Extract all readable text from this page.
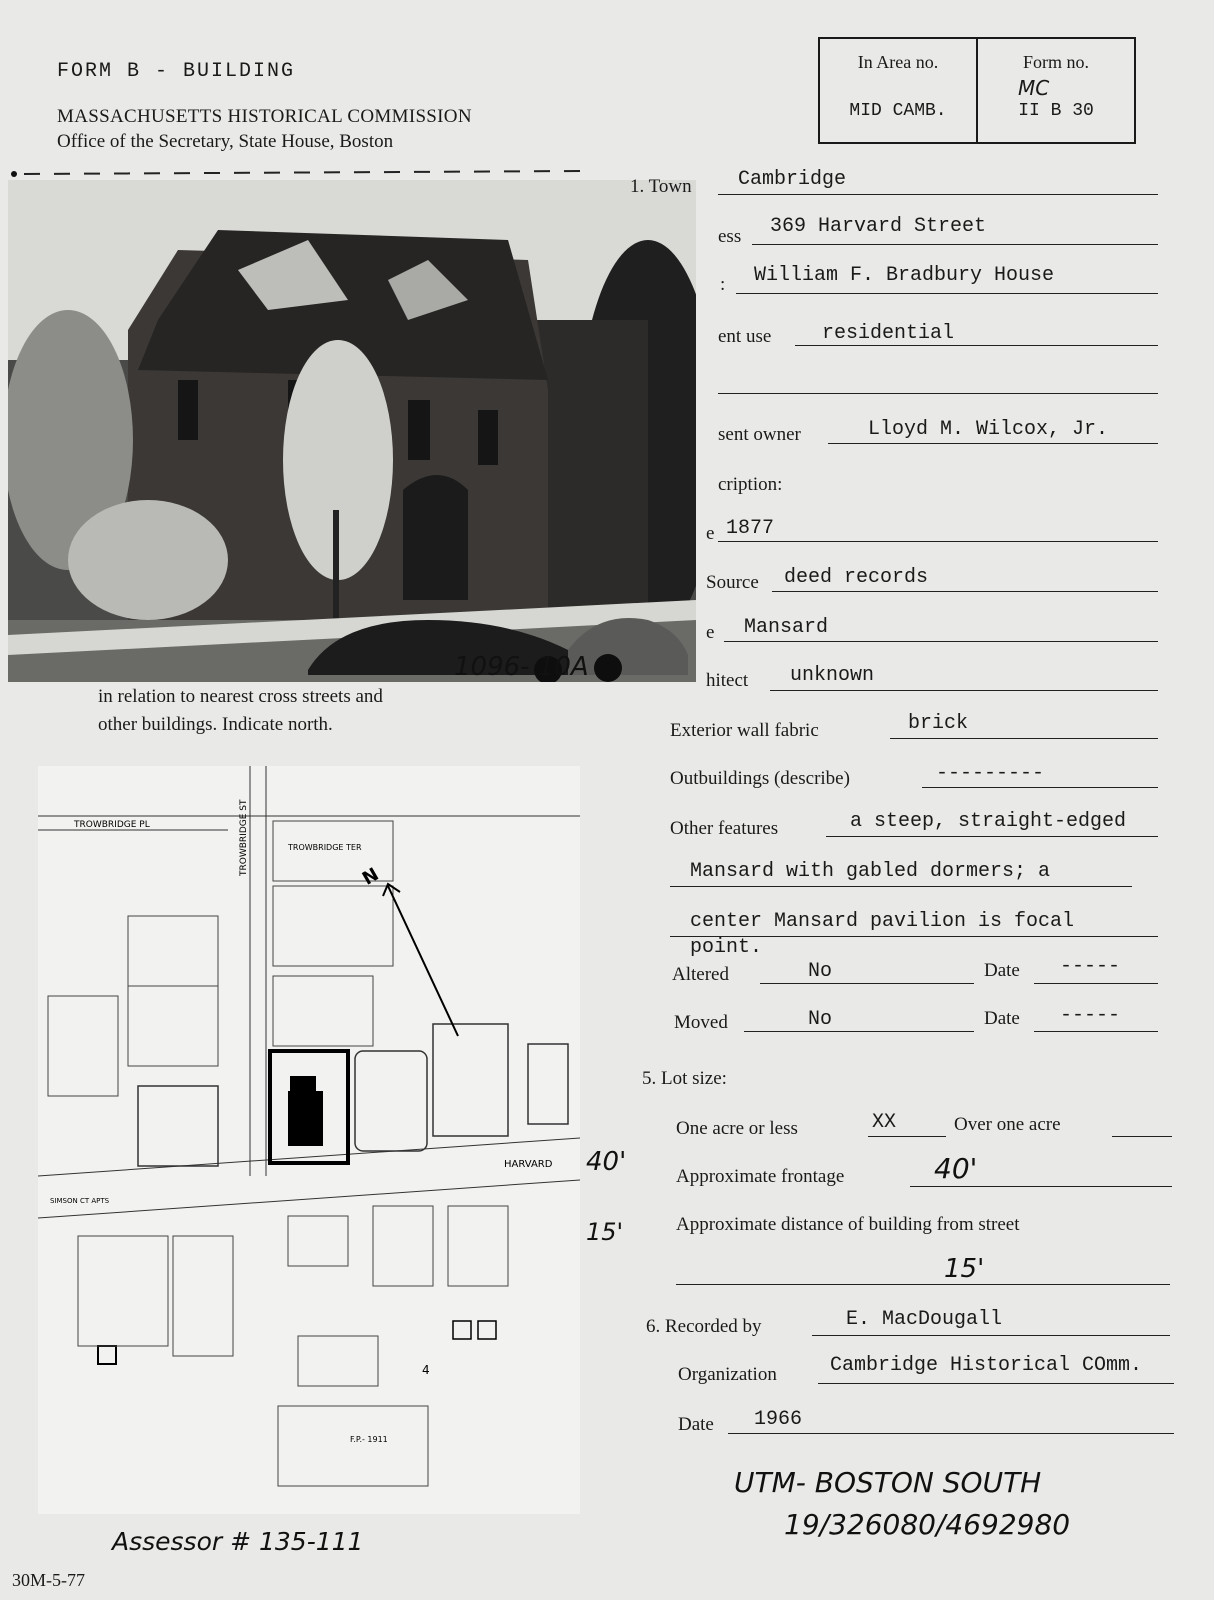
FORM B - BUILDING
MASSACHUSETTS HISTORICAL COMMISSION
Office of the Secretary, State House, Boston
In Area no.
MID CAMB.
Form no.
MC
II B 30
1096- 10A
in relation to nearest cross streets and
other buildings. Indicate north.
TROWBRIDGE PL	TROWBRIDGE ST	TROWBRIDGE TER
HARVARD
SIMSON CT APTS
N
4
F.P.- 1911
40'
15'
Assessor # 135-111
1. Town Cambridge
ess 369 Harvard Street
: William F. Bradbury House
ent use	residential
sent owner	Lloyd M. Wilcox, Jr.
cription:
e 1877
Source deed records
e Mansard
hitect unknown
Exterior wall fabric	brick
Outbuildings (describe)	---------
Other features	a steep, straight-edged
Mansard with gabled dormers; a
center Mansard pavilion is focal
point.
Altered	No	Date -----
Moved	No	Date -----
5. Lot size:
One acre or less	XX	Over one acre
Approximate frontage	40'
Approximate distance of building from street
15'
6. Recorded by	E. MacDougall
Organization	Cambridge Historical COmm.
Date 1966
UTM- BOSTON SOUTH
19/326080/4692980
30M-5-77
